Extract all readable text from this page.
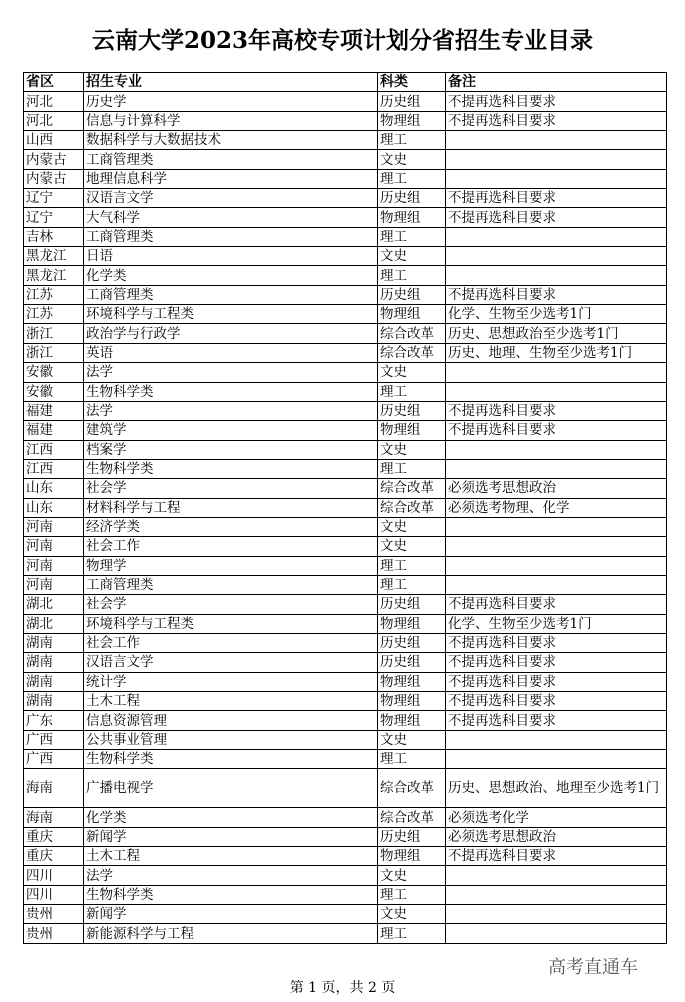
云南大学2023年高校专项计划分省招生专业目录
省区	招生专业	科类	备注
河北	历史学	历史组	不提再选科目要求
河北	信息与计算科学	物理组	不提再选科目要求
山西	数据科学与大数据技术	理工	
内蒙古	工商管理类	文史	
内蒙古	地理信息科学	理工	
辽宁	汉语言文学	历史组	不提再选科目要求
辽宁	大气科学	物理组	不提再选科目要求
吉林	工商管理类	理工	
黑龙江	日语	文史	
黑龙江	化学类	理工	
江苏	工商管理类	历史组	不提再选科目要求
江苏	环境科学与工程类	物理组	化学、生物至少选考1门
浙江	政治学与行政学	综合改革	历史、思想政治至少选考1门
浙江	英语	综合改革	历史、地理、生物至少选考1门
安徽	法学	文史	
安徽	生物科学类	理工	
福建	法学	历史组	不提再选科目要求
福建	建筑学	物理组	不提再选科目要求
江西	档案学	文史	
江西	生物科学类	理工	
山东	社会学	综合改革	必须选考思想政治
山东	材料科学与工程	综合改革	必须选考物理、化学
河南	经济学类	文史	
河南	社会工作	文史	
河南	物理学	理工	
河南	工商管理类	理工	
湖北	社会学	历史组	不提再选科目要求
湖北	环境科学与工程类	物理组	化学、生物至少选考1门
湖南	社会工作	历史组	不提再选科目要求
湖南	汉语言文学	历史组	不提再选科目要求
湖南	统计学	物理组	不提再选科目要求
湖南	土木工程	物理组	不提再选科目要求
广东	信息资源管理	物理组	不提再选科目要求
广西	公共事业管理	文史	
广西	生物科学类	理工	
海南	广播电视学	综合改革	历史、思想政治、地理至少选考1门
海南	化学类	综合改革	必须选考化学
重庆	新闻学	历史组	必须选考思想政治
重庆	土木工程	物理组	不提再选科目要求
四川	法学	文史	
四川	生物科学类	理工	
贵州	新闻学	文史	
贵州	新能源科学与工程	理工	
高考直通车
第 1 页，共 2 页
